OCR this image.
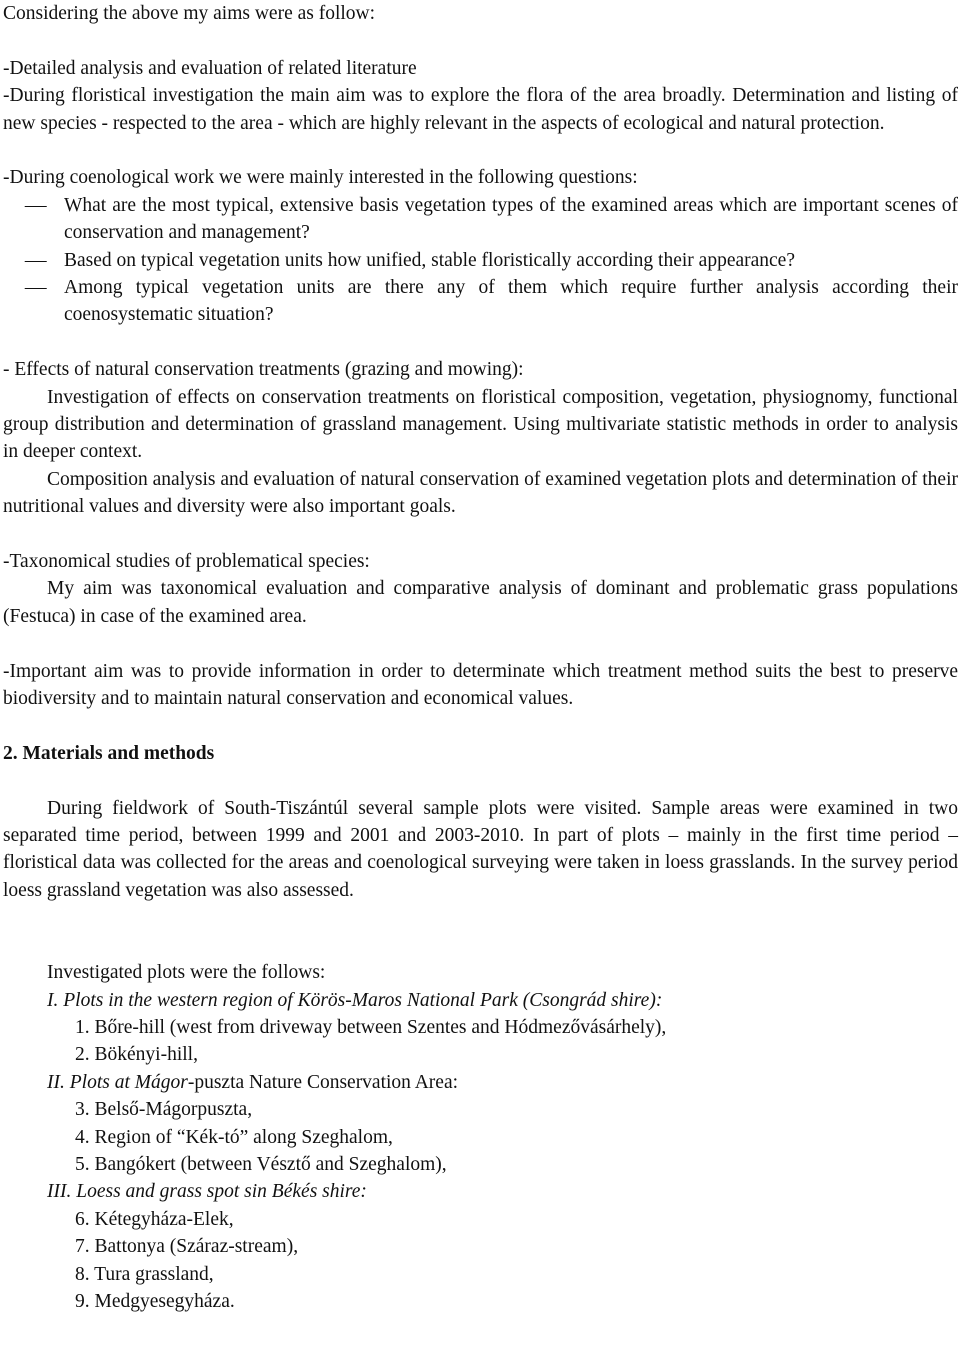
Considering the above my aims were as follow:

-Detailed analysis and evaluation of related literature

-During floristical investigation the main aim was to explore the flora of the area broadly. Determination and listing of new species - respected to the area - which are highly relevant in the aspects of ecological and natural protection.

-During coenological work we were mainly interested in the following questions:

– What are the most typical, extensive basis vegetation types of the examined areas which are important scenes of conservation and management?
– Based on typical vegetation units how unified, stable floristically according their appearance?
– Among typical vegetation units are there any of them which require further analysis according their coenosystematic situation?

- Effects of natural conservation treatments (grazing and mowing):

Investigation of effects on conservation treatments on floristical composition, vegetation, physiognomy, functional group distribution and determination of grassland management. Using multivariate statistic methods in order to analysis in deeper context.

Composition analysis and evaluation of natural conservation of examined vegetation plots and determination of their nutritional values and diversity were also important goals.

-Taxonomical studies of problematical species:

My aim was taxonomical evaluation and comparative analysis of dominant and problematic grass populations (Festuca) in case of the examined area.

-Important aim was to provide information in order to determinate which treatment method suits the best to preserve biodiversity and to maintain natural conservation and economical values.

2. Materials and methods

During fieldwork of South-Tiszántúl several sample plots were visited. Sample areas were examined in two separated time period, between 1999 and 2001 and 2003-2010. In part of plots – mainly in the first time period – floristical data was collected for the areas and coenological surveying were taken in loess grasslands. In the survey period loess grassland vegetation was also assessed.

Investigated plots were the follows:

I. Plots in the western region of Körös-Maros National Park (Csongrád shire):

1. Bőre-hill (west from driveway between Szentes and Hódmezővásárhely),
2. Bökényi-hill,

II. Plots at Mágor-puszta Nature Conservation Area:

3. Belső-Mágorpuszta,
4. Region of “Kék-tó” along Szeghalom,
5. Bangókert (between Vésztő and Szeghalom),

III. Loess and grass spot sin Békés shire:

6. Kétegyháza-Elek,
7. Battonya (Száraz-stream),
8. Tura grassland,
9. Medgyesegyháza.
